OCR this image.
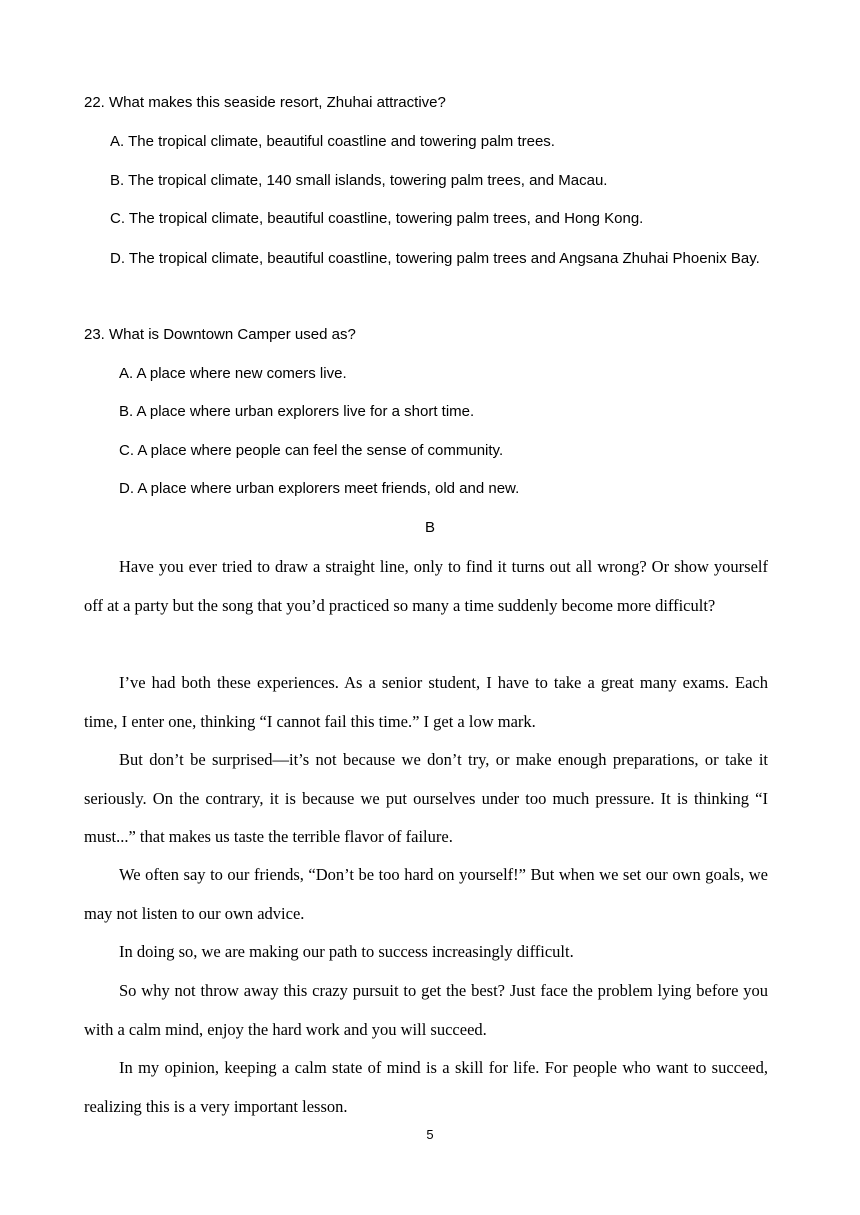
22. What makes this seaside resort, Zhuhai attractive?
A. The tropical climate, beautiful coastline and towering palm trees.
B. The tropical climate, 140 small islands, towering palm trees, and Macau.
C. The tropical climate, beautiful coastline, towering palm trees, and Hong Kong.
D. The tropical climate, beautiful coastline, towering palm trees and Angsana Zhuhai Phoenix Bay.
23. What is Downtown Camper used as?
A. A place where new comers live.
B. A place where urban explorers live for a short time.
C. A place where people can feel the sense of community.
D. A place where urban explorers meet friends, old and new.
B

Have you ever tried to draw a straight line, only to find it turns out all wrong? Or show yourself off at a party but the song that you’d practiced so many a time suddenly become more difficult?

I’ve had both these experiences. As a senior student, I have to take a great many exams. Each time, I enter one, thinking “I cannot fail this time.” I get a low mark.

But don’t be surprised—it’s not because we don’t try, or make enough preparations, or take it seriously. On the contrary, it is because we put ourselves under too much pressure. It is thinking “I must...” that makes us taste the terrible flavor of failure.

We often say to our friends, “Don’t be too hard on yourself!” But when we set our own goals, we may not listen to our own advice.

In doing so, we are making our path to success increasingly difficult.

So why not throw away this crazy pursuit to get the best? Just face the problem lying before you with a calm mind, enjoy the hard work and you will succeed.

In my opinion, keeping a calm state of mind is a skill for life. For people who want to succeed, realizing this is a very important lesson.

5
